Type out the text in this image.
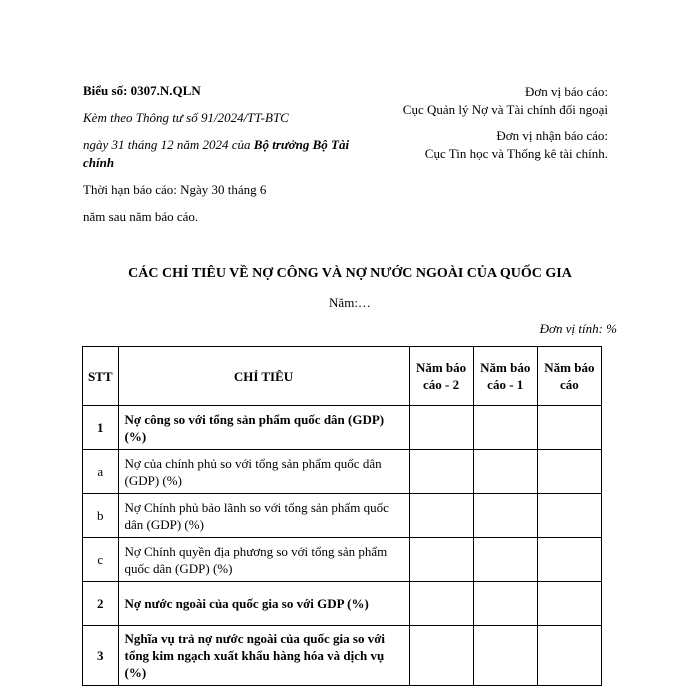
Biểu số: 0307.N.QLN

Kèm theo Thông tư số 91/2024/TT-BTC

ngày 31 tháng 12 năm 2024 của Bộ trưởng Bộ Tài chính

Thời hạn báo cáo: Ngày 30 tháng 6

năm sau năm báo cáo.

Đơn vị báo cáo:

Cục Quản lý Nợ và Tài chính đối ngoại

Đơn vị nhận báo cáo:

Cục Tin học và Thống kê tài chính.

CÁC CHỈ TIÊU VỀ NỢ CÔNG VÀ NỢ NƯỚC NGOÀI CỦA QUỐC GIA
Năm:…
Đơn vị tính: %
STT	CHỈ TIÊU	Năm báo cáo - 2	Năm báo cáo - 1	Năm báo cáo
1	Nợ công so với tổng sản phẩm quốc dân (GDP) (%)			
a	Nợ của chính phủ so với tổng sản phẩm quốc dân (GDP) (%)			
b	Nợ Chính phủ bảo lãnh so với tổng sản phẩm quốc dân (GDP) (%)			
c	Nợ Chính quyền địa phương so với tổng sản phẩm quốc dân (GDP) (%)			
2	Nợ nước ngoài của quốc gia so với GDP (%)			
3	Nghĩa vụ trả nợ nước ngoài của quốc gia so với tổng kim ngạch xuất khẩu hàng hóa và dịch vụ (%)			
